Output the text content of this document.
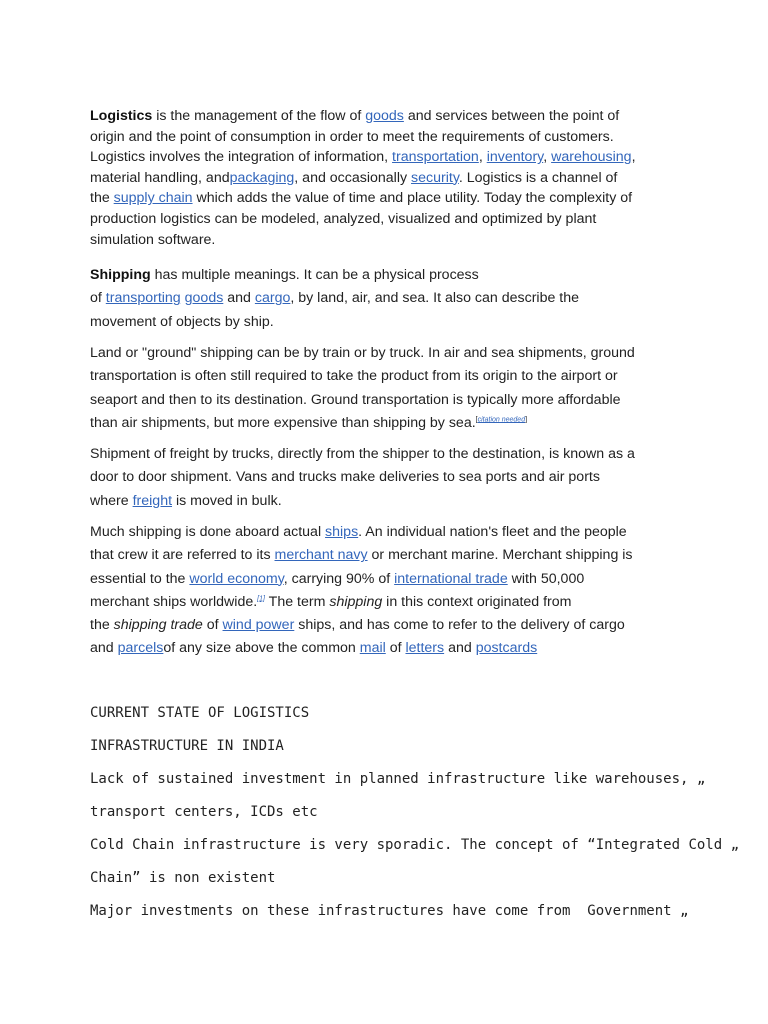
Logistics is the management of the flow of goods and services between the point of
origin and the point of consumption in order to meet the requirements of customers.
Logistics involves the integration of information, transportation, inventory, warehousing,
material handling, andpackaging, and occasionally security. Logistics is a channel of
the supply chain which adds the value of time and place utility. Today the complexity of
production logistics can be modeled, analyzed, visualized and optimized by plant
simulation software.
Shipping has multiple meanings. It can be a physical process
of transporting goods and cargo, by land, air, and sea. It also can describe the
movement of objects by ship.
Land or "ground" shipping can be by train or by truck. In air and sea shipments, ground
transportation is often still required to take the product from its origin to the airport or
seaport and then to its destination. Ground transportation is typically more affordable
than air shipments, but more expensive than shipping by sea.[citation needed]
Shipment of freight by trucks, directly from the shipper to the destination, is known as a
door to door shipment. Vans and trucks make deliveries to sea ports and air ports
where freight is moved in bulk.
Much shipping is done aboard actual ships. An individual nation's fleet and the people
that crew it are referred to its merchant navy or merchant marine. Merchant shipping is
essential to the world economy, carrying 90% of international trade with 50,000
merchant ships worldwide.[1] The term shipping in this context originated from
the shipping trade of wind power ships, and has come to refer to the delivery of cargo
and parcelsof any size above the common mail of letters and postcards
CURRENT STATE OF LOGISTICS
INFRASTRUCTURE IN INDIA
Lack of sustained investment in planned infrastructure like warehouses, „
transport centers, ICDs etc
Cold Chain infrastructure is very sporadic. The concept of “Integrated Cold „
Chain” is non existent
Major investments on these infrastructures have come from  Government „
